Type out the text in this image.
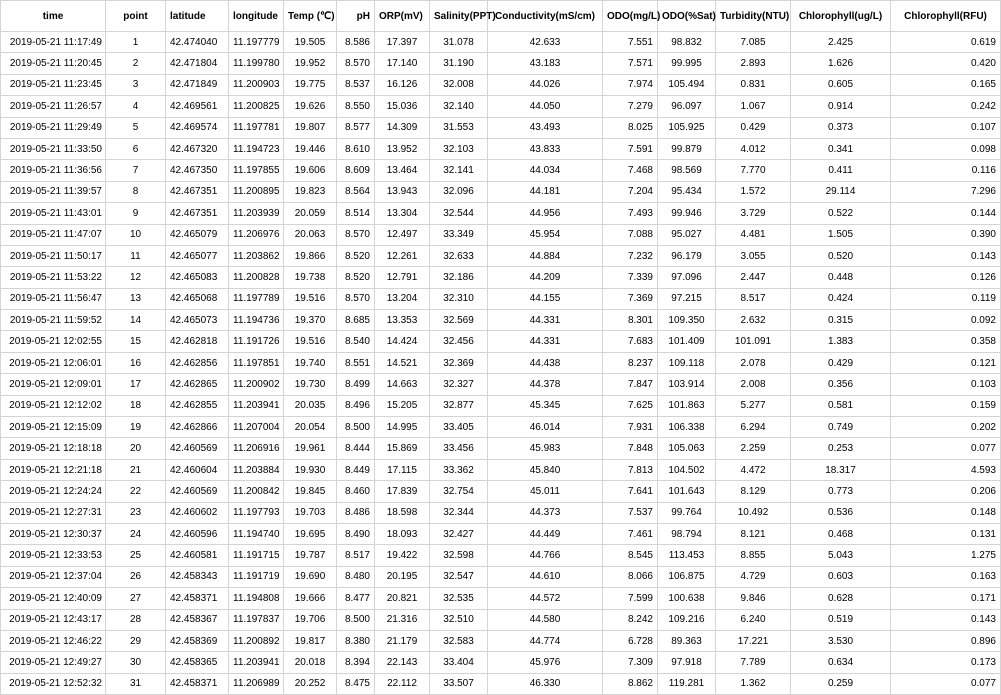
time	point	latitude	longitude	Temp (℃)	pH	ORP(mV)	Salinity(PPT)	Conductivity(mS/cm)	ODO(mg/L)	ODO(%Sat)	Turbidity(NTU)	Chlorophyll(ug/L)	Chlorophyll(RFU)
2019-05-21 11:17:49	1	42.474040	11.197779	19.505	8.586	17.397	31.078	42.633	7.551	98.832	7.085	2.425	0.619
2019-05-21 11:20:45	2	42.471804	11.199780	19.952	8.570	17.140	31.190	43.183	7.571	99.995	2.893	1.626	0.420
2019-05-21 11:23:45	3	42.471849	11.200903	19.775	8.537	16.126	32.008	44.026	7.974	105.494	0.831	0.605	0.165
2019-05-21 11:26:57	4	42.469561	11.200825	19.626	8.550	15.036	32.140	44.050	7.279	96.097	1.067	0.914	0.242
2019-05-21 11:29:49	5	42.469574	11.197781	19.807	8.577	14.309	31.553	43.493	8.025	105.925	0.429	0.373	0.107
2019-05-21 11:33:50	6	42.467320	11.194723	19.446	8.610	13.952	32.103	43.833	7.591	99.879	4.012	0.341	0.098
2019-05-21 11:36:56	7	42.467350	11.197855	19.606	8.609	13.464	32.141	44.034	7.468	98.569	7.770	0.411	0.116
2019-05-21 11:39:57	8	42.467351	11.200895	19.823	8.564	13.943	32.096	44.181	7.204	95.434	1.572	29.114	7.296
2019-05-21 11:43:01	9	42.467351	11.203939	20.059	8.514	13.304	32.544	44.956	7.493	99.946	3.729	0.522	0.144
2019-05-21 11:47:07	10	42.465079	11.206976	20.063	8.570	12.497	33.349	45.954	7.088	95.027	4.481	1.505	0.390
2019-05-21 11:50:17	11	42.465077	11.203862	19.866	8.520	12.261	32.633	44.884	7.232	96.179	3.055	0.520	0.143
2019-05-21 11:53:22	12	42.465083	11.200828	19.738	8.520	12.791	32.186	44.209	7.339	97.096	2.447	0.448	0.126
2019-05-21 11:56:47	13	42.465068	11.197789	19.516	8.570	13.204	32.310	44.155	7.369	97.215	8.517	0.424	0.119
2019-05-21 11:59:52	14	42.465073	11.194736	19.370	8.685	13.353	32.569	44.331	8.301	109.350	2.632	0.315	0.092
2019-05-21 12:02:55	15	42.462818	11.191726	19.516	8.540	14.424	32.456	44.331	7.683	101.409	101.091	1.383	0.358
2019-05-21 12:06:01	16	42.462856	11.197851	19.740	8.551	14.521	32.369	44.438	8.237	109.118	2.078	0.429	0.121
2019-05-21 12:09:01	17	42.462865	11.200902	19.730	8.499	14.663	32.327	44.378	7.847	103.914	2.008	0.356	0.103
2019-05-21 12:12:02	18	42.462855	11.203941	20.035	8.496	15.205	32.877	45.345	7.625	101.863	5.277	0.581	0.159
2019-05-21 12:15:09	19	42.462866	11.207004	20.054	8.500	14.995	33.405	46.014	7.931	106.338	6.294	0.749	0.202
2019-05-21 12:18:18	20	42.460569	11.206916	19.961	8.444	15.869	33.456	45.983	7.848	105.063	2.259	0.253	0.077
2019-05-21 12:21:18	21	42.460604	11.203884	19.930	8.449	17.115	33.362	45.840	7.813	104.502	4.472	18.317	4.593
2019-05-21 12:24:24	22	42.460569	11.200842	19.845	8.460	17.839	32.754	45.011	7.641	101.643	8.129	0.773	0.206
2019-05-21 12:27:31	23	42.460602	11.197793	19.703	8.486	18.598	32.344	44.373	7.537	99.764	10.492	0.536	0.148
2019-05-21 12:30:37	24	42.460596	11.194740	19.695	8.490	18.093	32.427	44.449	7.461	98.794	8.121	0.468	0.131
2019-05-21 12:33:53	25	42.460581	11.191715	19.787	8.517	19.422	32.598	44.766	8.545	113.453	8.855	5.043	1.275
2019-05-21 12:37:04	26	42.458343	11.191719	19.690	8.480	20.195	32.547	44.610	8.066	106.875	4.729	0.603	0.163
2019-05-21 12:40:09	27	42.458371	11.194808	19.666	8.477	20.821	32.535	44.572	7.599	100.638	9.846	0.628	0.171
2019-05-21 12:43:17	28	42.458367	11.197837	19.706	8.500	21.316	32.510	44.580	8.242	109.216	6.240	0.519	0.143
2019-05-21 12:46:22	29	42.458369	11.200892	19.817	8.380	21.179	32.583	44.774	6.728	89.363	17.221	3.530	0.896
2019-05-21 12:49:27	30	42.458365	11.203941	20.018	8.394	22.143	33.404	45.976	7.309	97.918	7.789	0.634	0.173
2019-05-21 12:52:32	31	42.458371	11.206989	20.252	8.475	22.112	33.507	46.330	8.862	119.281	1.362	0.259	0.077
